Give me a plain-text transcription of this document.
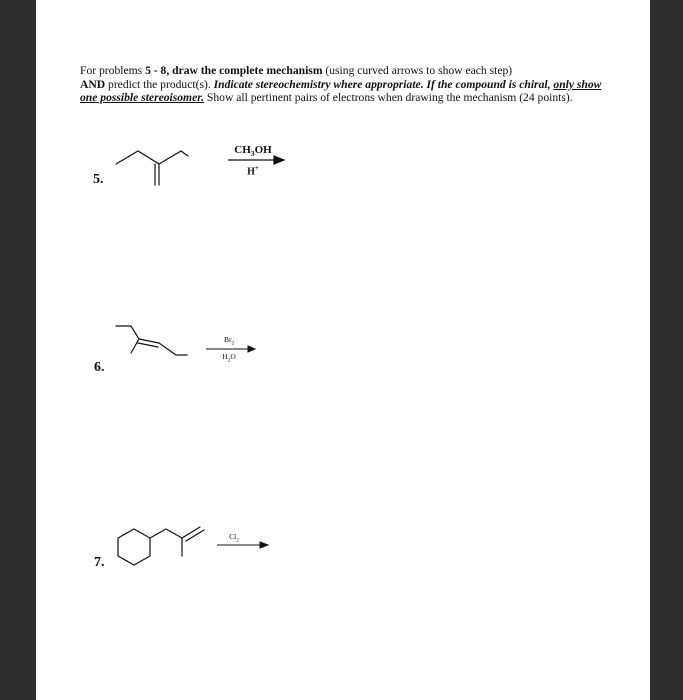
For problems 5 - 8, draw the complete mechanism (using curved arrows to show each step)
AND predict the product(s). Indicate stereochemistry where appropriate. If the compound is chiral, only show one possible stereoisomer. Show all pertinent pairs of electrons when drawing the mechanism (24 points).

5.
$CH_3OH$
H+
6.
$Br_2$
$H_2O$
7.
$Cl_2$
